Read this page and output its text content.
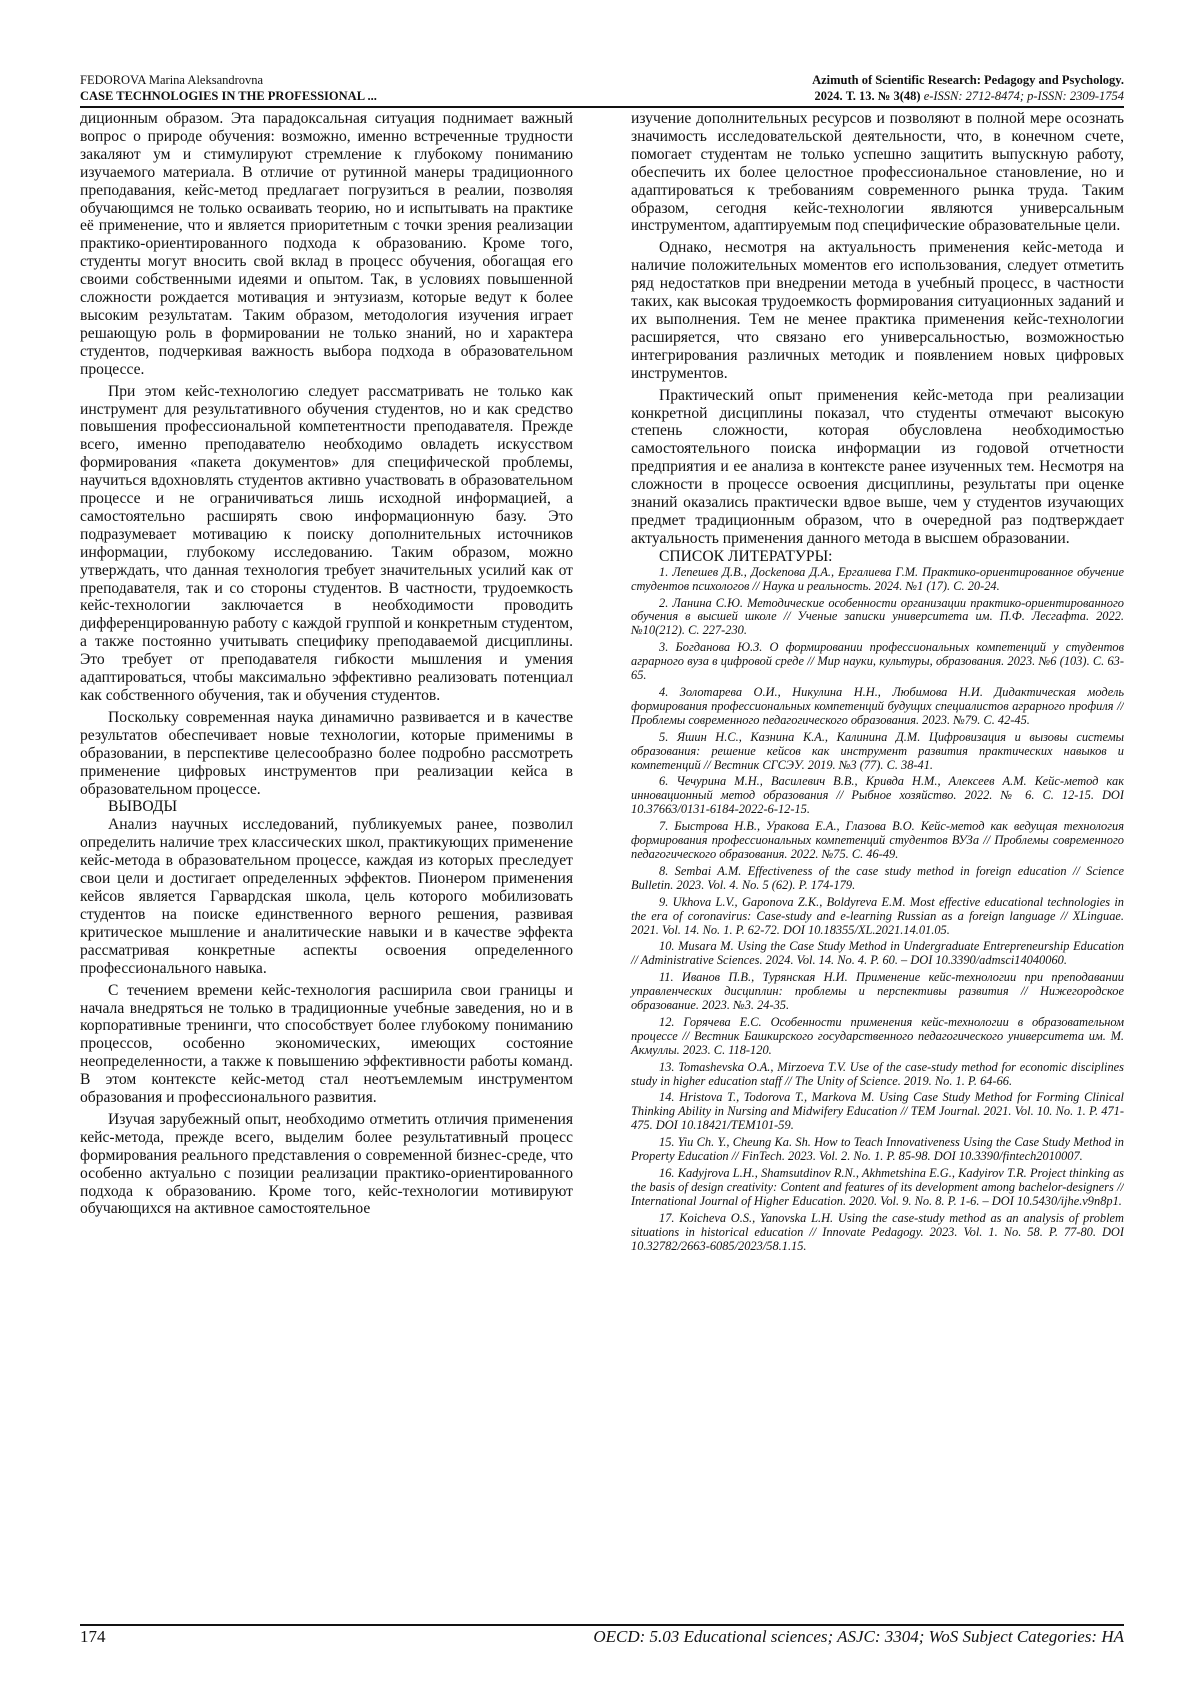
FEDOROVA Marina Aleksandrovna
CASE TECHNOLOGIES IN THE PROFESSIONAL ...
Azimuth of Scientific Research: Pedagogy and Psychology.
2024. Т. 13. № 3(48) e-ISSN: 2712-8474; p-ISSN: 2309-1754

диционным образом. Эта парадоксальная ситуация поднимает важный вопрос о природе обучения: возможно, именно встреченные трудности закаляют ум и стимулируют стремление к глубокому пониманию изучаемого материала. В отличие от рутинной манеры традиционного преподавания, кейс-метод предлагает погрузиться в реалии, позволяя обучающимся не только осваивать теорию, но и испытывать на практике её применение, что и является приоритетным с точки зрения реализации практико-ориентированного подхода к образованию. Кроме того, студенты могут вносить свой вклад в процесс обучения, обогащая его своими собственными идеями и опытом. Так, в условиях повышенной сложности рождается мотивация и энтузиазм, которые ведут к более высоким результатам. Таким образом, методология изучения играет решающую роль в формировании не только знаний, но и характера студентов, подчеркивая важность выбора подхода в образовательном процессе.

При этом кейс-технологию следует рассматривать не только как инструмент для результативного обучения студентов, но и как средство повышения профессиональной компетентности преподавателя. Прежде всего, именно преподавателю необходимо овладеть искусством формирования «пакета документов» для специфической проблемы, научиться вдохновлять студентов активно участвовать в образовательном процессе и не ограничиваться лишь исходной информацией, а самостоятельно расширять свою информационную базу. Это подразумевает мотивацию к поиску дополнительных источников информации, глубокому исследованию. Таким образом, можно утверждать, что данная технология требует значительных усилий как от преподавателя, так и со стороны студентов. В частности, трудоемкость кейс-технологии заключается в необходимости проводить дифференцированную работу с каждой группой и конкретным студентом, а также постоянно учитывать специфику преподаваемой дисциплины. Это требует от преподавателя гибкости мышления и умения адаптироваться, чтобы максимально эффективно реализовать потенциал как собственного обучения, так и обучения студентов.

Поскольку современная наука динамично развивается и в качестве результатов обеспечивает новые технологии, которые применимы в образовании, в перспективе целесообразно более подробно рассмотреть применение цифровых инструментов при реализации кейса в образовательном процессе.

ВЫВОДЫ

Анализ научных исследований, публикуемых ранее, позволил определить наличие трех классических школ, практикующих применение кейс-метода в образовательном процессе, каждая из которых преследует свои цели и достигает определенных эффектов. Пионером применения кейсов является Гарвардская школа, цель которого мобилизовать студентов на поиске единственного верного решения, развивая критическое мышление и аналитические навыки и в качестве эффекта рассматривая конкретные аспекты освоения определенного профессионального навыка.

С течением времени кейс-технология расширила свои границы и начала внедряться не только в традиционные учебные заведения, но и в корпоративные тренинги, что способствует более глубокому пониманию процессов, особенно экономических, имеющих состояние неопределенности, а также к повышению эффективности работы команд. В этом контексте кейс-метод стал неотъемлемым инструментом образования и профессионального развития.

Изучая зарубежный опыт, необходимо отметить отличия применения кейс-метода, прежде всего, выделим более результативный процесс формирования реального представления о современной бизнес-среде, что особенно актуально с позиции реализации практико-ориентированного подхода к образованию. Кроме того, кейс-технологии мотивируют обучающихся на активное самостоятельное

изучение дополнительных ресурсов и позволяют в полной мере осознать значимость исследовательской деятельности, что, в конечном счете, помогает студентам не только успешно защитить выпускную работу, обеспечить их более целостное профессиональное становление, но и адаптироваться к требованиям современного рынка труда. Таким образом, сегодня кейс-технологии являются универсальным инструментом, адаптируемым под специфические образовательные цели.

Однако, несмотря на актуальность применения кейс-метода и наличие положительных моментов его использования, следует отметить ряд недостатков при внедрении метода в учебный процесс, в частности таких, как высокая трудоемкость формирования ситуационных заданий и их выполнения. Тем не менее практика применения кейс-технологии расширяется, что связано его универсальностью, возможностью интегрирования различных методик и появлением новых цифровых инструментов.

Практический опыт применения кейс-метода при реализации конкретной дисциплины показал, что студенты отмечают высокую степень сложности, которая обусловлена необходимостью самостоятельного поиска информации из годовой отчетности предприятия и ее анализа в контексте ранее изученных тем. Несмотря на сложности в процессе освоения дисциплины, результаты при оценке знаний оказались практически вдвое выше, чем у студентов изучающих предмет традиционным образом, что в очередной раз подтверждает актуальность применения данного метода в высшем образовании.

СПИСОК ЛИТЕРАТУРЫ:
1. Лепешев Д.В., Досkenова Д.А., Ергалиева Г.М. Практико-ориентированное обучение студентов психологов // Наука и реальность. 2024. №1 (17). С. 20-24.
2. Ланина С.Ю. Методические особенности организации практико-ориентированного обучения в высшей школе // Ученые записки университета им. П.Ф. Лесгафта. 2022. №10(212). С. 227-230.
3. Богданова Ю.З. О формировании профессиональных компетенций у студентов аграрного вуза в цифровой среде // Мир науки, культуры, образования. 2023. №6 (103). С. 63-65.
4. Золотарева О.И., Никулина Н.Н., Любимова Н.И. Дидактическая модель формирования профессиональных компетенций будущих специалистов аграрного профиля // Проблемы современного педагогического образования. 2023. №79. С. 42-45.
5. Яшин Н.С., Казнина К.А., Калинина Д.М. Цифровизация и вызовы системы образования: решение кейсов как инструмент развития практических навыков и компетенций // Вестник СГСЭУ. 2019. №3 (77). С. 38-41.
6. Чечурина М.Н., Василевич В.В., Кривда Н.М., Алексеев А.М. Кейс-метод как инновационный метод образования // Рыбное хозяйство. 2022. № 6. С. 12-15. DOI 10.37663/0131-6184-2022-6-12-15.
7. Быстрова Н.В., Уракова Е.А., Глазова В.О. Кейс-метод как ведущая технология формирования профессиональных компетенций студентов ВУЗа // Проблемы современного педагогического образования. 2022. №75. С. 46-49.
8. Sembai A.M. Effectiveness of the case study method in foreign education // Science Bulletin. 2023. Vol. 4. No. 5 (62). P. 174-179.
9. Ukhova L.V., Gaponova Z.K., Boldyreva E.M. Most effective educational technologies in the era of coronavirus: Case-study and e-learning Russian as a foreign language // XLinguae. 2021. Vol. 14. No. 1. P. 62-72. DOI 10.18355/XL.2021.14.01.05.
10. Musara M. Using the Case Study Method in Undergraduate Entrepreneurship Education // Administrative Sciences. 2024. Vol. 14. No. 4. P. 60. – DOI 10.3390/admsci14040060.
11. Иванов П.В., Турянская Н.И. Применение кейс-технологии при преподавании управленческих дисциплин: проблемы и перспективы развития // Нижегородское образование. 2023. №3. 24-35.
12. Горячева Е.С. Особенности применения кейс-технологии в образовательном процессе // Вестник Башкирского государственного педагогического университета им. М. Акмуллы. 2023. С. 118-120.
13. Tomashevska O.A., Mirzoeva T.V. Use of the case-study method for economic disciplines study in higher education staff // The Unity of Science. 2019. No. 1. P. 64-66.
14. Hristova T., Todorova T., Markova M. Using Case Study Method for Forming Clinical Thinking Ability in Nursing and Midwifery Education // TEM Journal. 2021. Vol. 10. No. 1. P. 471-475. DOI 10.18421/TEM101-59.
15. Yiu Ch. Y., Cheung Ka. Sh. How to Teach Innovativeness Using the Case Study Method in Property Education // FinTech. 2023. Vol. 2. No. 1. P. 85-98. DOI 10.3390/fintech2010007.
16. Kadyjrova L.H., Shamsutdinov R.N., Akhmetshina E.G., Kadyirov T.R. Project thinking as the basis of design creativity: Content and features of its development among bachelor-designers // International Journal of Higher Education. 2020. Vol. 9. No. 8. P. 1-6. – DOI 10.5430/ijhe.v9n8p1.
17. Koicheva O.S., Yanovska L.H. Using the case-study method as an analysis of problem situations in historical education // Innovate Pedagogy. 2023. Vol. 1. No. 58. P. 77-80. DOI 10.32782/2663-6085/2023/58.1.15.
174	OECD: 5.03 Educational sciences; ASJC: 3304; WoS Subject Categories: HA
